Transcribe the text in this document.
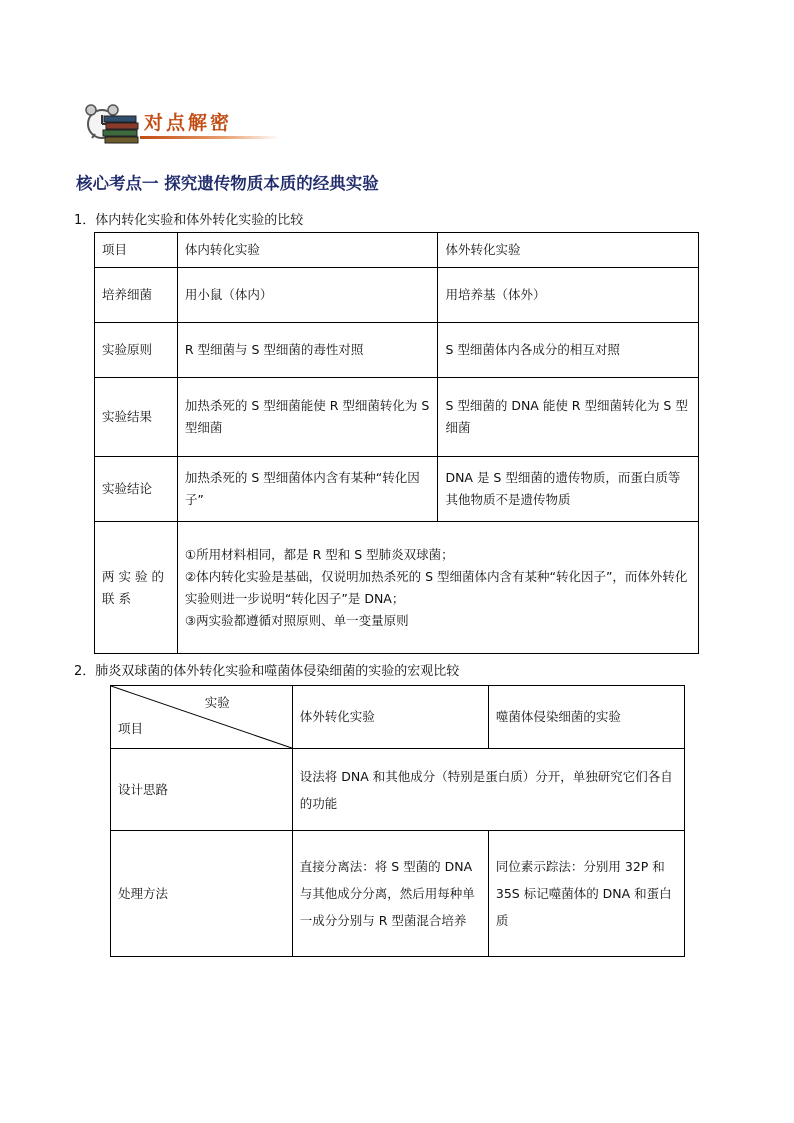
对点解密
核心考点一 探究遗传物质本质的经典实验
1．体内转化实验和体外转化实验的比较
项目	体内转化实验	体外转化实验
培养细菌	用小鼠（体内）	用培养基（体外）
实验原则	R 型细菌与 S 型细菌的毒性对照	S 型细菌体内各成分的相互对照
实验结果	加热杀死的 S 型细菌能使 R 型细菌转化为 S 型细菌	S 型细菌的 DNA 能使 R 型细菌转化为 S 型细菌
实验结论	加热杀死的 S 型细菌体内含有某种“转化因子”	DNA 是 S 型细菌的遗传物质，而蛋白质等其他物质不是遗传物质
两实验的联系	①所用材料相同，都是 R 型和 S 型肺炎双球菌；
②体内转化实验是基础，仅说明加热杀死的 S 型细菌体内含有某种“转化因子”，而体外转化实验则进一步说明“转化因子”是 DNA；
③两实验都遵循对照原则、单一变量原则	
2．肺炎双球菌的体外转化实验和噬菌体侵染细菌的实验的宏观比较
实验
项目	体外转化实验	噬菌体侵染细菌的实验
设计思路	设法将 DNA 和其他成分（特别是蛋白质）分开，单独研究它们各自的功能	
处理方法	直接分离法：将 S 型菌的 DNA 与其他成分分离，然后用每种单一成分分别与 R 型菌混合培养	同位素示踪法：分别用 32P 和 35S 标记噬菌体的 DNA 和蛋白质
